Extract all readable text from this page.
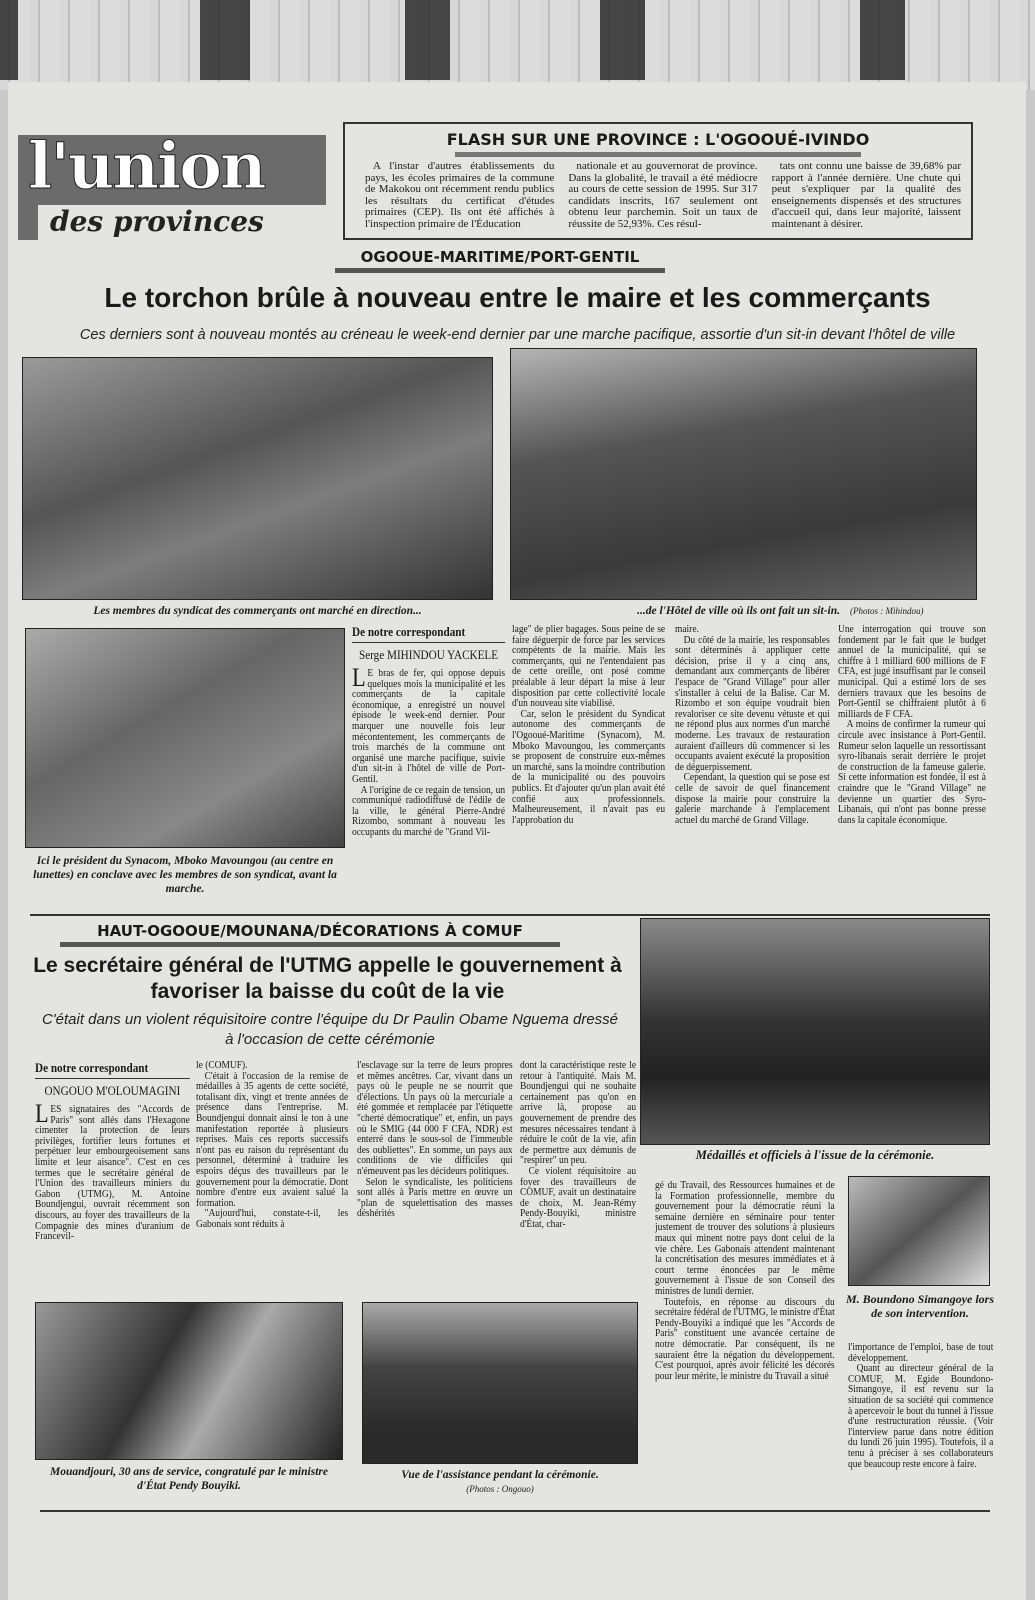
l'union
des provinces
FLASH SUR UNE PROVINCE : L'OGOOUÉ-IVINDO

A l'instar d'autres établissements du pays, les écoles primaires de la commune de Makokou ont récemment rendu publics les résultats du certificat d'études primaires (CEP). Ils ont été affichés à l'inspection primaire de l'Éducation

nationale et au gouvernorat de province. Dans la globalité, le travail a été médiocre au cours de cette session de 1995. Sur 317 candidats inscrits, 167 seulement ont obtenu leur parchemin. Soit un taux de réussite de 52,93%. Ces résul-

tats ont connu une baisse de 39,68% par rapport à l'année dernière. Une chute qui peut s'expliquer par la qualité des enseignements dispensés et des structures d'accueil qui, dans leur majorité, laissent maintenant à désirer.

OGOOUE-MARITIME/PORT-GENTIL
Le torchon brûle à nouveau entre le maire et les commerçants
Ces derniers sont à nouveau montés au créneau le week-end dernier par une marche pacifique, assortie d'un sit-in devant l'hôtel de ville
Les membres du syndicat des commerçants ont marché en direction...	...de l'Hôtel de ville où ils ont fait un sit-in. (Photos : Mihindou)
Ici le président du Synacom, Mboko Mavoungou (au centre en lunettes) en conclave avec les membres de son syndicat, avant la marche.
De notre correspondant
Serge MIHINDOU YACKELE

LE bras de fer, qui oppose depuis quelques mois la municipalité et les commerçants de la capitale économique, a enregistré un nouvel épisode le week-end dernier. Pour marquer une nouvelle fois leur mécontentement, les commerçants de trois marchés de la commune ont organisé une marche pacifique, suivie d'un sit-in à l'hôtel de ville de Port-Gentil.

A l'origine de ce regain de tension, un communiqué radiodiffusé de l'édile de la ville, le général Pierre-André Rizombo, sommant à nouveau les occupants du marché de "Grand Vil-

lage" de plier bagages. Sous peine de se faire déguerpir de force par les services compétents de la mairie. Mais les commerçants, qui ne l'entendaient pas de cette oreille, ont posé comme préalable à leur départ la mise à leur disposition par cette collectivité locale d'un nouveau site viabilisé.

Car, selon le président du Syndicat autonome des commerçants de l'Ogooué-Maritime (Synacom), M. Mboko Mavoungou, les commerçants se proposent de construire eux-mêmes un marché, sans la moindre contribution de la municipalité ou des pouvoirs publics. Et d'ajouter qu'un plan avait été confié aux professionnels. Malheureusement, il n'avait pas eu l'approbation du

maire.

Du côté de la mairie, les responsables sont déterminés à appliquer cette décision, prise il y a cinq ans, demandant aux commerçants de libérer l'espace de "Grand Village" pour aller s'installer à celui de la Balise. Car M. Rizombo et son équipe voudrait bien revaloriser ce site devenu vétuste et qui ne répond plus aux normes d'un marché moderne. Les travaux de restauration auraient d'ailleurs dû commencer si les occupants avaient exécuté la proposition de déguerpissement.

Cependant, la question qui se pose est celle de savoir de quel financement dispose la mairie pour construire la galerie marchande à l'emplacement actuel du marché de Grand Village.

Une interrogation qui trouve son fondement par le fait que le budget annuel de la municipalité, qui se chiffre à 1 milliard 600 millions de F CFA, est jugé insuffisant par le conseil municipal. Qui a estimé lors de ses derniers travaux que les besoins de Port-Gentil se chiffraient plutôt à 6 milliards de F CFA.

A moins de confirmer la rumeur qui circule avec insistance à Port-Gentil. Rumeur selon laquelle un ressortissant syro-libanais serait derrière le projet de construction de la fameuse galerie. Si cette information est fondée, il est à craindre que le "Grand Village" ne devienne un quartier des Syro-Libanais, qui n'ont pas bonne presse dans la capitale économique.

HAUT-OGOOUE/MOUNANA/DÉCORATIONS À COMUF
Le secrétaire général de l'UTMG appelle le gouvernement à favoriser la baisse du coût de la vie
C'était dans un violent réquisitoire contre l'équipe du Dr Paulin Obame Nguema dressé à l'occasion de cette cérémonie
Médaillés et officiels à l'issue de la cérémonie.
De notre correspondant
ONGOUO M'OLOUMAGINI

LES signataires des "Accords de Paris" sont allés dans l'Hexagone cimenter la protection de leurs privilèges, fortifier leurs fortunes et perpétuer leur embourgeoisement sans limite et leur aisance". C'est en ces termes que le secrétaire général de l'Union des travailleurs miniers du Gabon (UTMG), M. Antoine Boundjengui, ouvrait récemment son discours, au foyer des travailleurs de la Compagnie des mines d'uranium de Francevil-

le (COMUF).

C'était à l'occasion de la remise de médailles à 35 agents de cette société, totalisant dix, vingt et trente années de présence dans l'entreprise. M. Boundjengui donnait ainsi le ton à une manifestation reportée à plusieurs reprises. Mais ces reports successifs n'ont pas eu raison du représentant du personnel, déterminé à traduire les espoirs déçus des travailleurs par le gouvernement pour la démocratie. Dont nombre d'entre eux avaient salué la formation.

"Aujourd'hui, constate-t-il, les Gabonais sont réduits à

l'esclavage sur la terre de leurs propres et mêmes ancêtres. Car, vivant dans un pays où le peuple ne se nourrit que d'élections. Un pays où la mercuriale a été gommée et remplacée par l'étiquette "cherté démocratique" et, enfin, un pays où le SMIG (44 000 F CFA, NDR) est enterré dans le sous-sol de l'immeuble des oubliettes". En somme, un pays aux conditions de vie difficiles qui n'émeuvent pas les décideurs politiques.

Selon le syndicaliste, les politiciens sont allés à Paris mettre en œuvre un "plan de squelettisation des masses déshérités

dont la caractéristique reste le retour à l'antiquité. Mais M. Boundjengui qui ne souhaite certainement pas qu'on en arrive là, propose au gouvernement de prendre des mesures nécessaires tendant à réduire le coût de la vie, afin de permettre aux démunis de "respirer" un peu.

Ce violent réquisitoire au foyer des travailleurs de COMUF, avait un destinataire de choix, M. Jean-Rémy Pendy-Bouyiki, ministre d'État, char-

gé du Travail, des Ressources humaines et de la Formation professionnelle, membre du gouvernement pour la démocratie réuni la semaine dernière en séminaire pour tenter justement de trouver des solutions à plusieurs maux qui minent notre pays dont celui de la vie chère. Les Gabonais attendent maintenant la concrétisation des mesures immédiates et à court terme énoncées par le même gouvernement à l'issue de son Conseil des ministres de lundi dernier.

Toutefois, en réponse au discours du secrétaire fédéral de l'UTMG, le ministre d'État Pendy-Bouyiki a indiqué que les "Accords de Paris" constituent une avancée certaine de notre démocratie. Par conséquent, ils ne sauraient être la négation du développement. C'est pourquoi, après avoir félicité les décorés pour leur mérite, le ministre du Travail a situé

M. Boundono Simangoye lors de son intervention.

l'importance de l'emploi, base de tout développement.

Quant au directeur général de la COMUF, M. Egide Boundono-Simangoye, il est revenu sur la situation de sa société qui commence à apercevoir le bout du tunnel à l'issue d'une restructuration réussie. (Voir l'interview parue dans notre édition du lundi 26 juin 1995). Toutefois, il a tenu à préciser à ses collaborateurs que beaucoup reste encore à faire.

Mouandjouri, 30 ans de service, congratulé par le ministre d'État Pendy Bouyiki.
Vue de l'assistance pendant la cérémonie.
(Photos : Ongouo)
